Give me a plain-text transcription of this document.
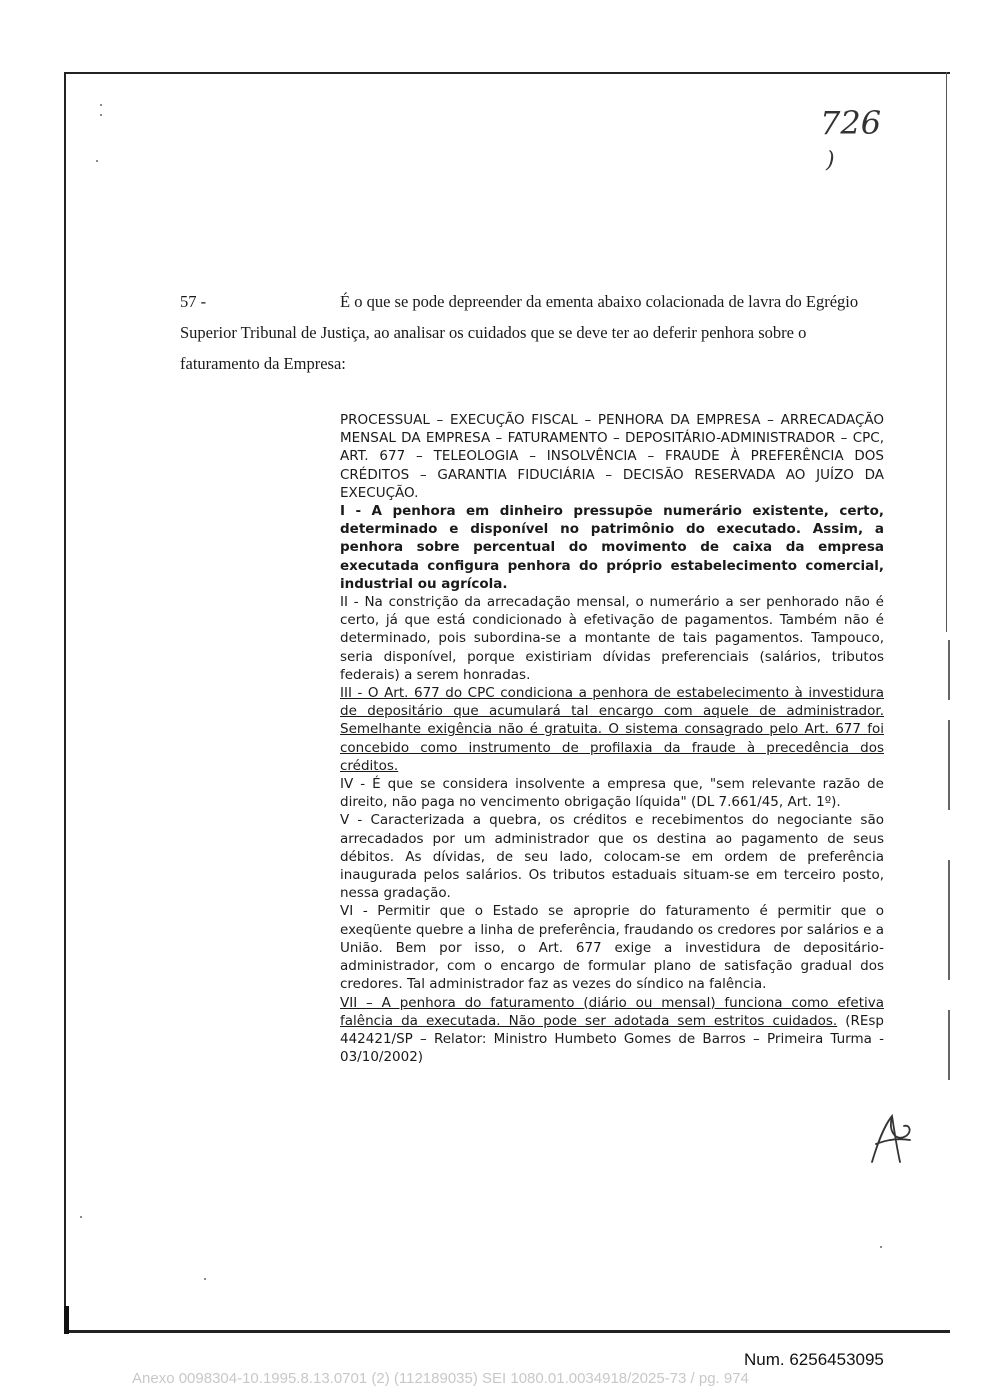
726
)
57 -	É o que se pode depreender da ementa abaixo colacionada de lavra do Egrégio Superior Tribunal de Justiça, ao analisar os cuidados que se deve ter ao deferir penhora sobre o faturamento da Empresa:

PROCESSUAL – EXECUÇÃO FISCAL – PENHORA DA EMPRESA – ARRECADAÇÃO MENSAL DA EMPRESA – FATURAMENTO – DEPOSITÁRIO-ADMINISTRADOR – CPC, ART. 677 – TELEOLOGIA – INSOLVÊNCIA – FRAUDE À PREFERÊNCIA DOS CRÉDITOS – GARANTIA FIDUCIÁRIA – DECISÃO RESERVADA AO JUÍZO DA EXECUÇÃO.

I - A penhora em dinheiro pressupõe numerário existente, certo, determinado e disponível no patrimônio do executado. Assim, a penhora sobre percentual do movimento de caixa da empresa executada configura penhora do próprio estabelecimento comercial, industrial ou agrícola.

II - Na constrição da arrecadação mensal, o numerário a ser penhorado não é certo, já que está condicionado à efetivação de pagamentos. Também não é determinado, pois subordina-se a montante de tais pagamentos. Tampouco, seria disponível, porque existiriam dívidas preferenciais (salários, tributos federais) a serem honradas.

III - O Art. 677 do CPC condiciona a penhora de estabelecimento à investidura de depositário que acumulará tal encargo com aquele de administrador. Semelhante exigência não é gratuita. O sistema consagrado pelo Art. 677 foi concebido como instrumento de profilaxia da fraude à precedência dos créditos.

IV - É que se considera insolvente a empresa que, "sem relevante razão de direito, não paga no vencimento obrigação líquida" (DL 7.661/45, Art. 1º).

V - Caracterizada a quebra, os créditos e recebimentos do negociante são arrecadados por um administrador que os destina ao pagamento de seus débitos. As dívidas, de seu lado, colocam-se em ordem de preferência inaugurada pelos salários. Os tributos estaduais situam-se em terceiro posto, nessa gradação.

VI - Permitir que o Estado se aproprie do faturamento é permitir que o exeqüente quebre a linha de preferência, fraudando os credores por salários e a União. Bem por isso, o Art. 677 exige a investidura de depositário-administrador, com o encargo de formular plano de satisfação gradual dos credores. Tal administrador faz as vezes do síndico na falência.

VII – A penhora do faturamento (diário ou mensal) funciona como efetiva falência da executada. Não pode ser adotada sem estritos cuidados. (REsp 442421/SP – Relator: Ministro Humbeto Gomes de Barros – Primeira Turma - 03/10/2002)

Num. 6256453095
Anexo 0098304-10.1995.8.13.0701 (2) (112189035) SEI 1080.01.0034918/2025-73 / pg. 974
